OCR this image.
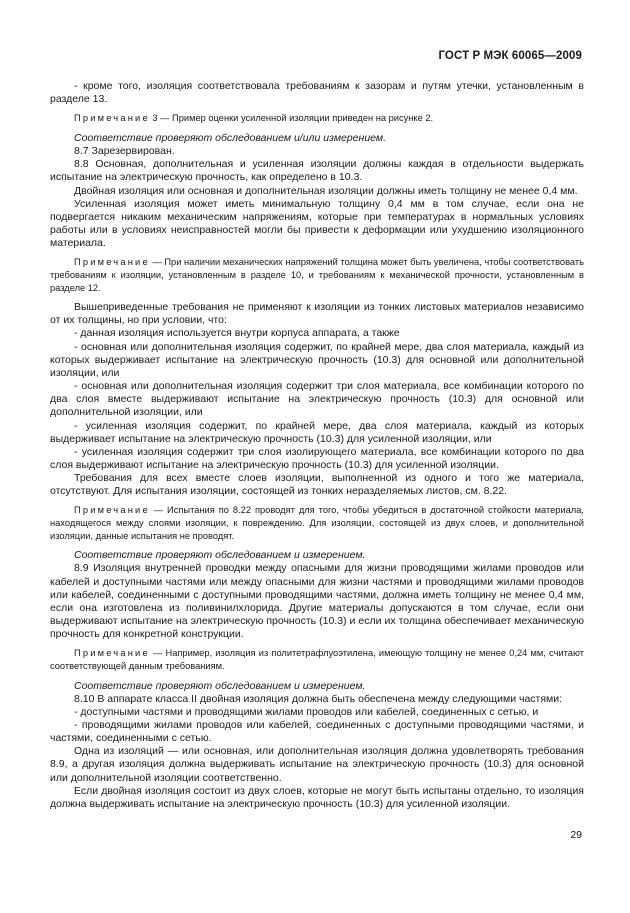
ГОСТ Р МЭК 60065—2009

- кроме того, изоляция соответствовала требованиям к зазорам и путям утечки, установленным в разделе 13.

Примечание 3 — Пример оценки усиленной изоляции приведен на рисунке 2.

Соответствие проверяют обследованием и/или измерением.

8.7 Зарезервирован.

8.8 Основная, дополнительная и усиленная изоляции должны каждая в отдельности выдержать испытание на электрическую прочность, как определено в 10.3.

Двойная изоляция или основная и дополнительная изоляции должны иметь толщину не менее 0,4 мм.

Усиленная изоляция может иметь минимальную толщину 0,4 мм в том случае, если она не подвергается никаким механическим напряжениям, которые при температурах в нормальных условиях работы или в условиях неисправностей могли бы привести к деформации или ухудшению изоляционного материала.

Примечание — При наличии механических напряжений толщина может быть увеличена, чтобы соответствовать требованиям к изоляции, установленным в разделе 10, и требованиям к механической прочности, установленным в разделе 12.

Вышеприведенные требования не применяют к изоляции из тонких листовых материалов независимо от их толщины, но при условии, что:

- данная изоляция используется внутри корпуса аппарата, а также

- основная или дополнительная изоляция содержит, по крайней мере, два слоя материала, каждый из которых выдерживает испытание на электрическую прочность (10.3) для основной или дополнительной изоляции, или

- основная или дополнительная изоляция содержит три слоя материала, все комбинации которого по два слоя вместе выдерживают испытание на электрическую прочность (10.3) для основной или дополнительной изоляции, или

- усиленная изоляция содержит, по крайней мере, два слоя материала, каждый из которых выдерживает испытание на электрическую прочность (10.3) для усиленной изоляции, или

- усиленная изоляция содержит три слоя изолирующего материала, все комбинации которого по два слоя выдерживают испытание на электрическую прочность (10.3) для усиленной изоляции.

Требования для всех вместе слоев изоляции, выполненной из одного и того же материала, отсутствуют. Для испытания изоляции, состоящей из тонких неразделяемых листов, см. 8.22.

Примечание — Испытания по 8.22 проводят для того, чтобы убедиться в достаточной стойкости материала, находящегося между слоями изоляции, к повреждению. Для изоляции, состоящей из двух слоев, и дополнительной изоляции, данные испытания не проводят.

Соответствие проверяют обследованием и измерением.

8.9 Изоляция внутренней проводки между опасными для жизни проводящими жилами проводов или кабелей и доступными частями или между опасными для жизни частями и проводящими жилами проводов или кабелей, соединенными с доступными проводящими частями, должна иметь толщину не менее 0,4 мм, если она изготовлена из поливинилхлорида. Другие материалы допускаются в том случае, если они выдерживают испытание на электрическую прочность (10.3) и если их толщина обеспечивает механическую прочность для конкретной конструкции.

Примечание — Например, изоляция из политетрафлуоэтилена, имеющую толщину не менее 0,24 мм, считают соответствующей данным требованиям.

Соответствие проверяют обследованием и измерением.

8.10 В аппарате класса II двойная изоляция должна быть обеспечена между следующими частями:

- доступными частями и проводящими жилами проводов или кабелей, соединенных с сетью, и

- проводящими жилами проводов или кабелей, соединенных с доступными проводящими частями, и частями, соединенными с сетью.

Одна из изоляций — или основная, или дополнительная изоляция должна удовлетворять требования 8.9, а другая изоляция должна выдерживать испытание на электрическую прочность (10.3) для основной или дополнительной изоляции соответственно.

Если двойная изоляция состоит из двух слоев, которые не могут быть испытаны отдельно, то изоляция должна выдерживать испытание на электрическую прочность (10.3) для усиленной изоляции.

29
